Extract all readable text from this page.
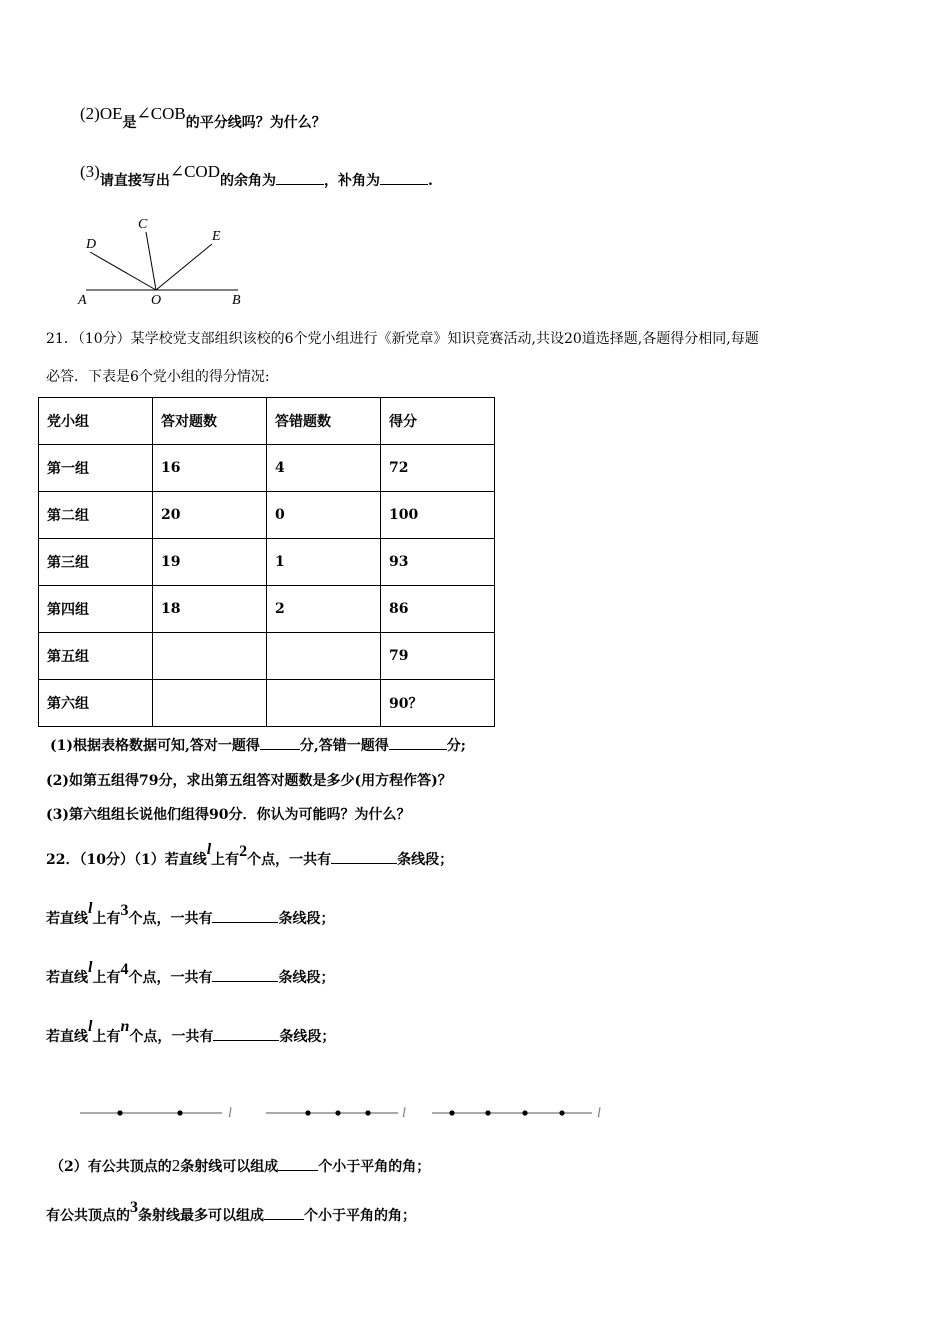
(2)OE是∠COB的平分线吗？为什么？
(3)请直接写出∠COD的余角为	，补角为	.
D
C
E
A	O	B
21．（10分）某学校党支部组织该校的6个党小组进行《新党章》知识竞赛活动,共设20道选择题,各题得分相同,每题
必答．下表是6个党小组的得分情况:
党小组	答对题数	答错题数	得分
第一组	16	4	72
第二组	20	0	100
第三组	19	1	93
第四组	18	2	86
第五组			79
第六组			90？
(1)根据表格数据可知,答对一题得	分,答错一题得	分;
(2)如第五组得79分，求出第五组答对题数是多少(用方程作答)？
(3)第六组组长说他们组得90分．你认为可能吗？为什么？
22．（10分）（1）若直线l上有2个点，一共有	条线段；
若直线l上有3个点，一共有	条线段；
若直线l上有4个点，一共有	条线段；
若直线l上有n个点，一共有	条线段；
l	l	l
（2）有公共顶点的2条射线可以组成	个小于平角的角；
有公共顶点的3条射线最多可以组成	个小于平角的角；
